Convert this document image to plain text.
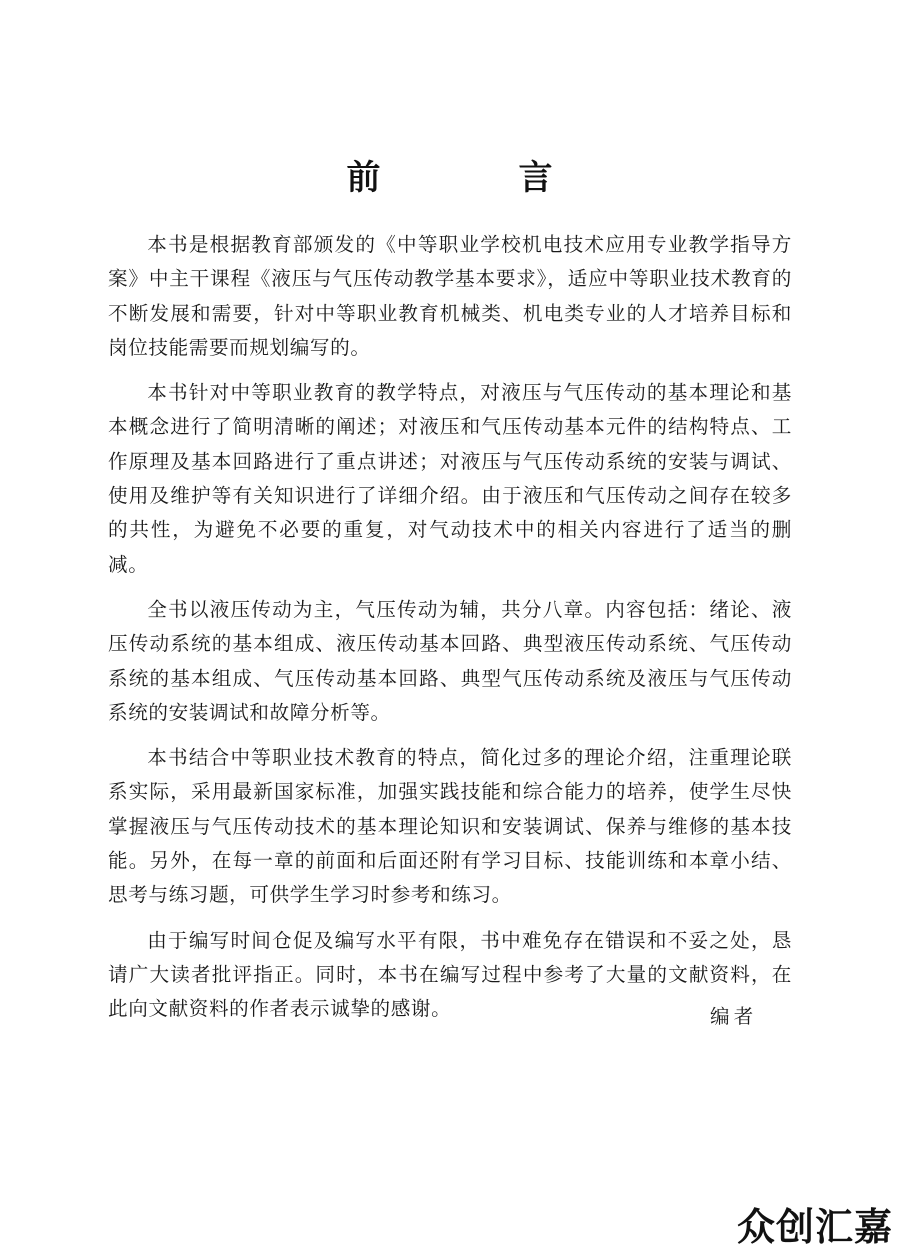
前　言

本书是根据教育部颁发的《中等职业学校机电技术应用专业教学指导方案》中主干课程《液压与气压传动教学基本要求》，适应中等职业技术教育的不断发展和需要，针对中等职业教育机械类、机电类专业的人才培养目标和岗位技能需要而规划编写的。

本书针对中等职业教育的教学特点，对液压与气压传动的基本理论和基本概念进行了简明清晰的阐述；对液压和气压传动基本元件的结构特点、工作原理及基本回路进行了重点讲述；对液压与气压传动系统的安装与调试、使用及维护等有关知识进行了详细介绍。由于液压和气压传动之间存在较多的共性，为避免不必要的重复，对气动技术中的相关内容进行了适当的删减。

全书以液压传动为主，气压传动为辅，共分八章。内容包括：绪论、液压传动系统的基本组成、液压传动基本回路、典型液压传动系统、气压传动系统的基本组成、气压传动基本回路、典型气压传动系统及液压与气压传动系统的安装调试和故障分析等。

本书结合中等职业技术教育的特点，简化过多的理论介绍，注重理论联系实际，采用最新国家标准，加强实践技能和综合能力的培养，使学生尽快掌握液压与气压传动技术的基本理论知识和安装调试、保养与维修的基本技能。另外，在每一章的前面和后面还附有学习目标、技能训练和本章小结、思考与练习题，可供学生学习时参考和练习。

由于编写时间仓促及编写水平有限，书中难免存在错误和不妥之处，恳请广大读者批评指正。同时，本书在编写过程中参考了大量的文献资料，在此向文献资料的作者表示诚挚的感谢。	编者
众创汇嘉
